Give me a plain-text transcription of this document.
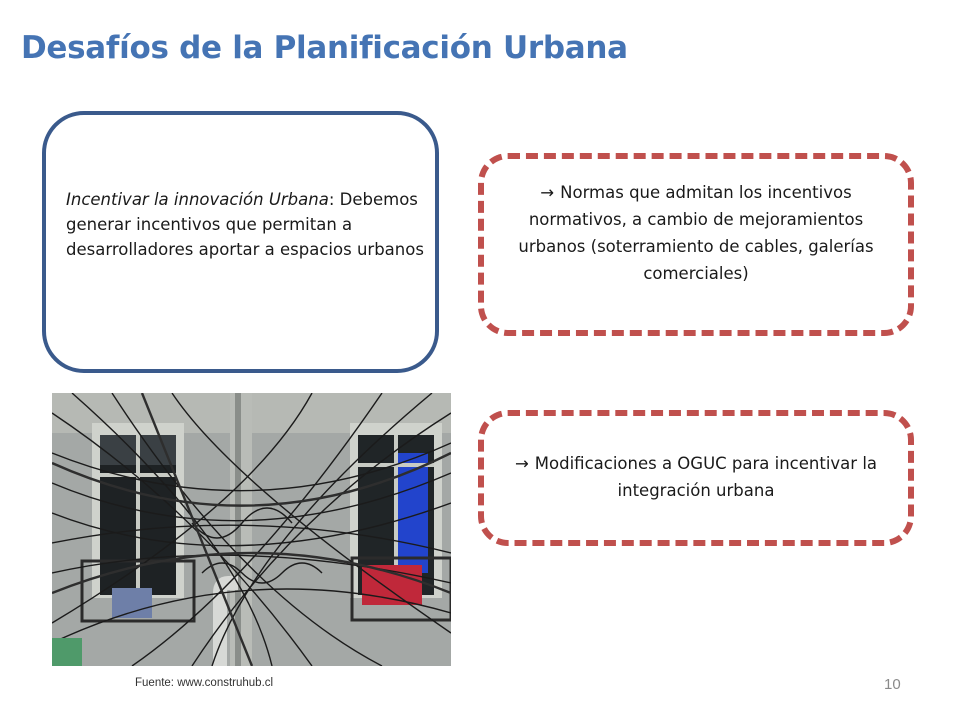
Desafíos de la Planificación Urbana
Incentivar la innovación Urbana: Debemos generar incentivos que permitan a desarrolladores aportar a espacios urbanos
→ Normas que admitan los incentivos normativos, a cambio de mejoramientos urbanos (soterramiento de cables, galerías comerciales)
→ Modificaciones a OGUC para incentivar la integración urbana
Fuente: www.construhub.cl	10
